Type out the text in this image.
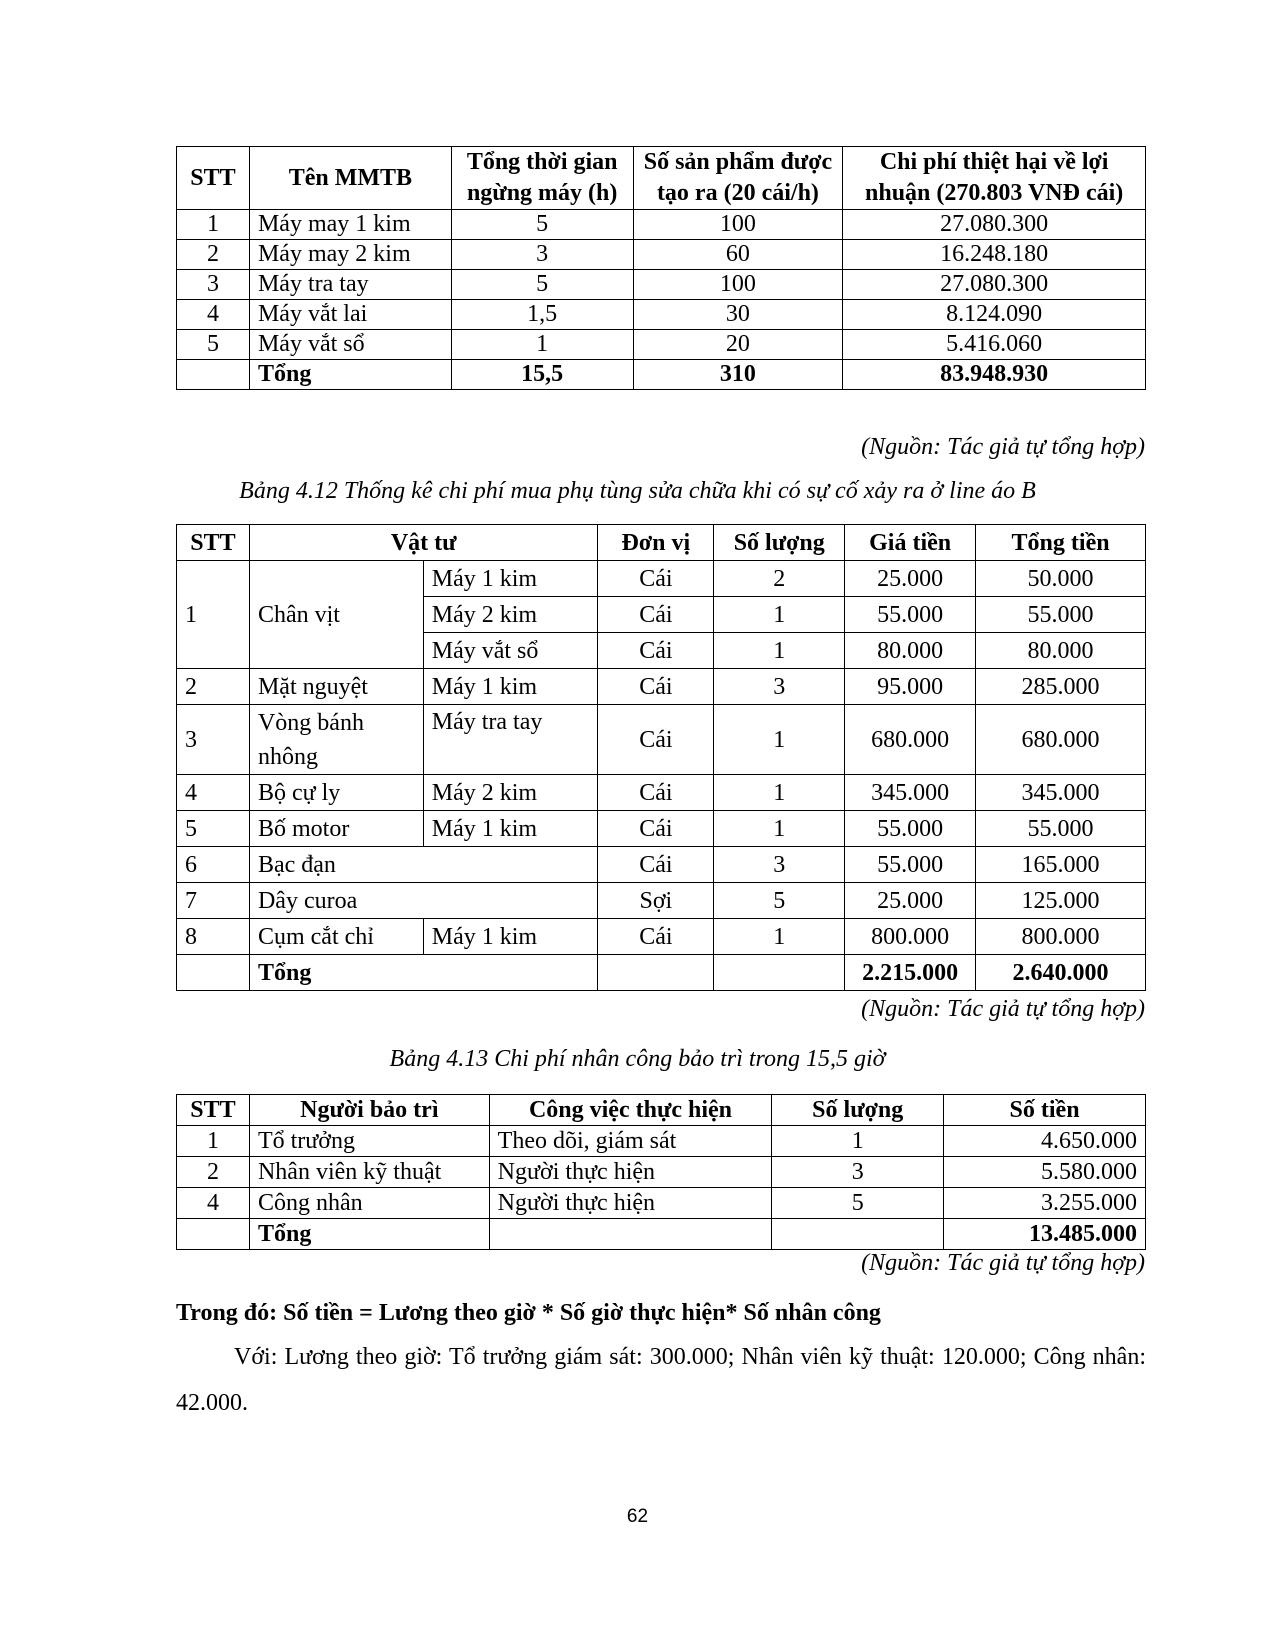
STT	Tên MMTB	Tổng thời gian ngừng máy (h)	Số sản phẩm được tạo ra (20 cái/h)	Chi phí thiệt hại về lợi nhuận (270.803 VNĐ cái)
1	Máy may 1 kim	5	100	27.080.300
2	Máy may 2 kim	3	60	16.248.180
3	Máy tra tay	5	100	27.080.300
4	Máy vắt lai	1,5	30	8.124.090
5	Máy vắt sổ	1	20	5.416.060
	Tổng	15,5	310	83.948.930
(Nguồn: Tác giả tự tổng hợp)
Bảng 4.12 Thống kê chi phí mua phụ tùng sửa chữa khi có sự cố xảy ra ở line áo B
STT	Vật tư		Đơn vị	Số lượng	Giá tiền	Tổng tiền
1	Chân vịt	Máy 1 kim	Cái	2	25.000	50.000
		Máy 2 kim	Cái	1	55.000	55.000
		Máy vắt sổ	Cái	1	80.000	80.000
2	Mặt nguyệt	Máy 1 kim	Cái	3	95.000	285.000
3	Vòng bánh nhông	Máy tra tay	Cái	1	680.000	680.000
4	Bộ cự ly	Máy 2 kim	Cái	1	345.000	345.000
5	Bố motor	Máy 1 kim	Cái	1	55.000	55.000
6	Bạc đạn		Cái	3	55.000	165.000
7	Dây curoa		Sợi	5	25.000	125.000
8	Cụm cắt chỉ	Máy 1 kim	Cái	1	800.000	800.000
	Tổng				2.215.000	2.640.000
(Nguồn: Tác giả tự tổng hợp)
Bảng 4.13 Chi phí nhân công bảo trì trong 15,5 giờ
STT	Người bảo trì	Công việc thực hiện	Số lượng	Số tiền
1	Tổ trưởng	Theo dõi, giám sát	1	4.650.000
2	Nhân viên kỹ thuật	Người thực hiện	3	5.580.000
4	Công nhân	Người thực hiện	5	3.255.000
	Tổng			13.485.000
(Nguồn: Tác giả tự tổng hợp)
Trong đó: Số tiền = Lương theo giờ * Số giờ thực hiện* Số nhân công
Với: Lương theo giờ: Tổ trưởng giám sát: 300.000; Nhân viên kỹ thuật: 120.000; Công nhân: 42.000.
62
